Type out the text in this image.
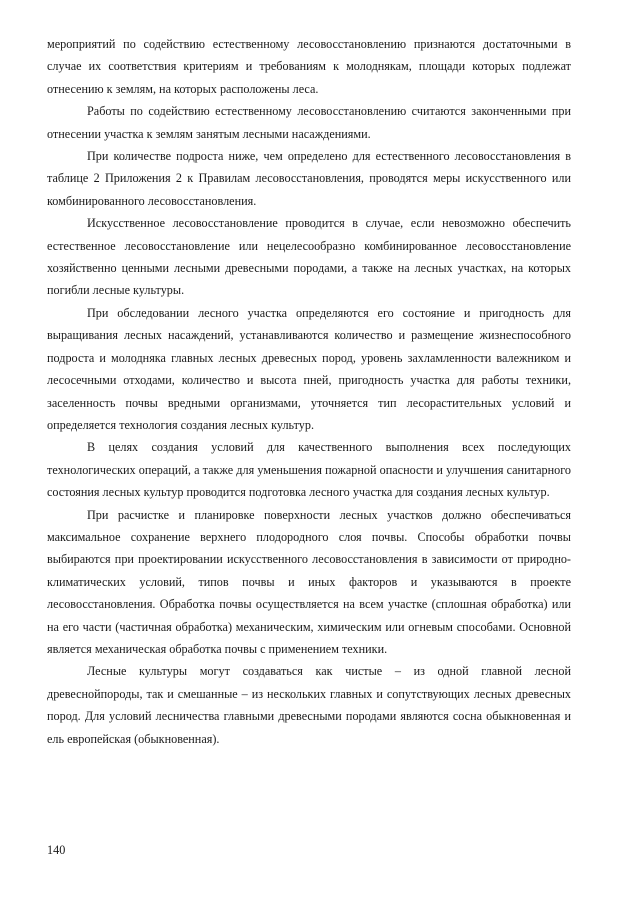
мероприятий по содействию естественному лесовосстановлению признаются достаточными в случае их соответствия критериям и требованиям к молоднякам, площади которых подлежат отнесению к землям, на которых расположены леса.

Работы по содействию естественному лесовосстановлению считаются законченными при отнесении участка к землям занятым лесными насаждениями.

При количестве подроста ниже, чем определено для естественного лесовосстановления в таблице 2 Приложения 2 к Правилам лесовосстановления, проводятся меры искусственного или комбинированного лесовосстановления.

Искусственное лесовосстановление проводится в случае, если невозможно обеспечить естественное лесовосстановление или нецелесообразно комбинированное лесовосстановление хозяйственно ценными лесными древесными породами, а также на лесных участках, на которых погибли лесные культуры.

При обследовании лесного участка определяются его состояние и пригодность для выращивания лесных насаждений, устанавливаются количество и размещение жизнеспособного подроста и молодняка главных лесных древесных пород, уровень захламленности валежником и лесосечными отходами, количество и высота пней, пригодность участка для работы техники, заселенность почвы вредными организмами, уточняется тип лесорастительных условий и определяется технология создания лесных культур.

В целях создания условий для качественного выполнения всех последующих технологических операций, а также для уменьшения пожарной опасности и улучшения санитарного состояния лесных культур проводится подготовка лесного участка для создания лесных культур.

При расчистке и планировке поверхности лесных участков должно обеспечиваться максимальное сохранение верхнего плодородного слоя почвы. Способы обработки почвы выбираются при проектировании искусственного лесовосстановления в зависимости от природно-климатических условий, типов почвы и иных факторов и указываются в проекте лесовосстановления. Обработка почвы осуществляется на всем участке (сплошная обработка) или на его части (частичная обработка) механическим, химическим или огневым способами. Основной является механическая обработка почвы с применением техники.

Лесные культуры могут создаваться как чистые – из одной главной лесной древеснойпороды, так и смешанные – из нескольких главных и сопутствующих лесных древесных пород. Для условий лесничества главными древесными породами являются сосна обыкновенная и ель европейская (обыкновенная).

140
